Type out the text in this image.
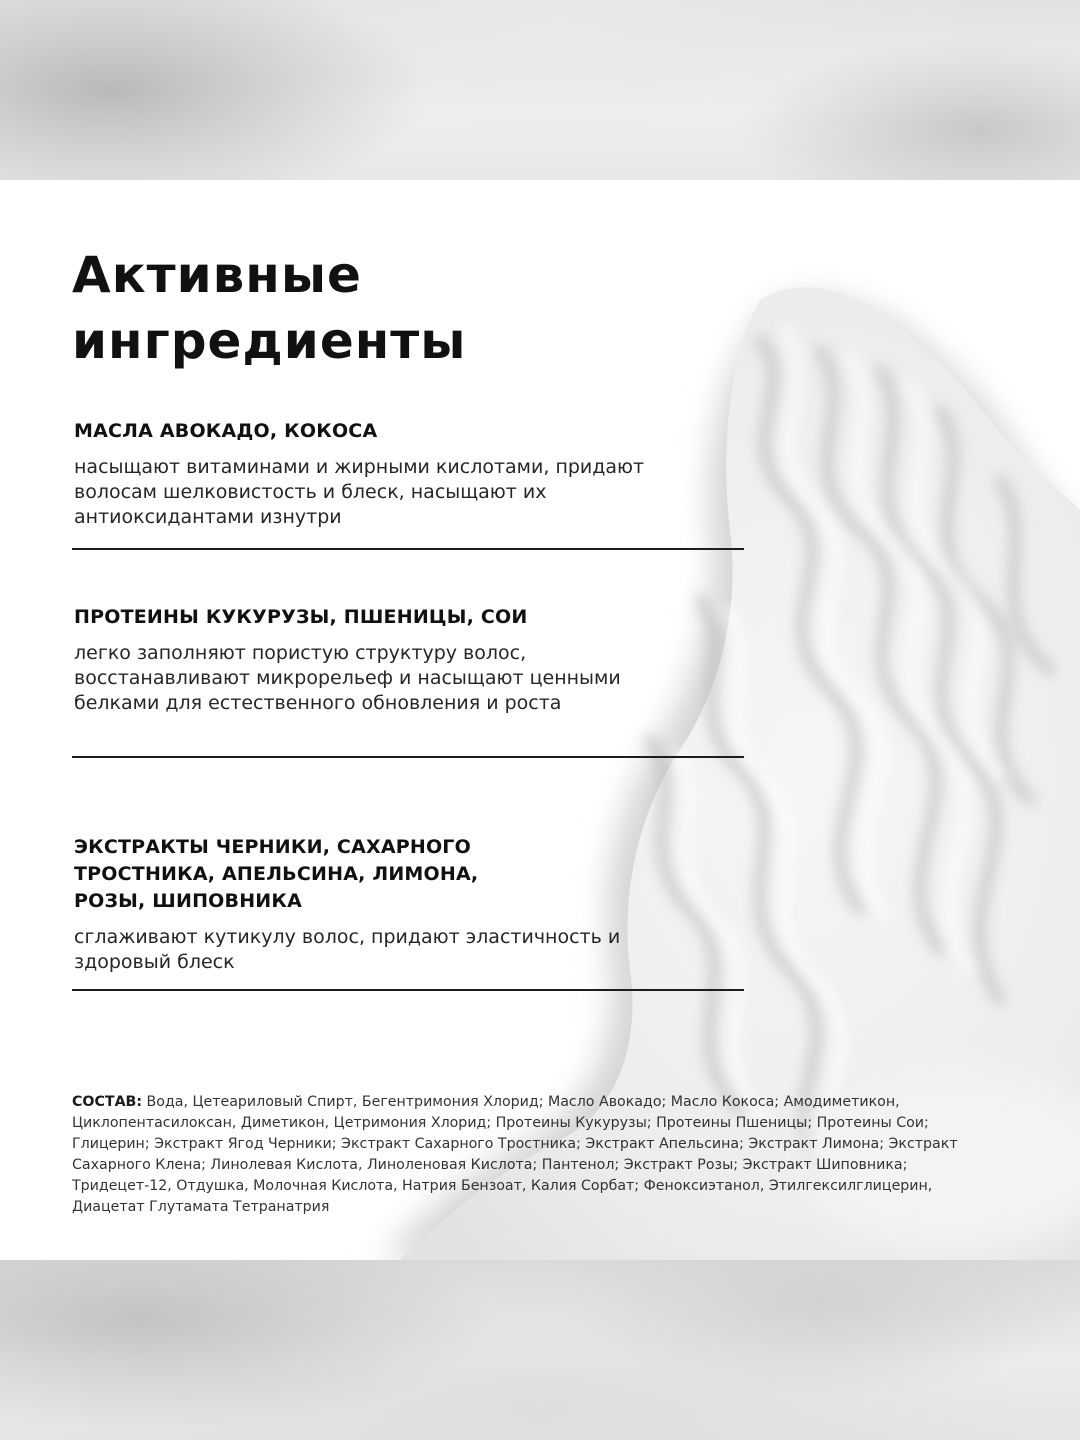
Активные
ингредиенты
МАСЛА АВОКАДО, КОКОСА

насыщают витаминами и жирными кислотами, придают волосам шелковистость и блеск, насыщают их антиоксидантами изнутри

ПРОТЕИНЫ КУКУРУЗЫ, ПШЕНИЦЫ, СОИ

легко заполняют пористую структуру волос, восстанавливают микрорельеф и насыщают ценными белками для естественного обновления и роста

ЭКСТРАКТЫ ЧЕРНИКИ, САХАРНОГО
ТРОСТНИКА, АПЕЛЬСИНА, ЛИМОНА,
РОЗЫ, ШИПОВНИКА

сглаживают кутикулу волос, придают эластичность и здоровый блеск

СОСТАВ: Вода, Цетеариловый Спирт, Бегентримония Хлорид; Масло Авокадо; Масло Кокоса; Амодиметикон, Циклопентасилоксан, Диметикон, Цетримония Хлорид; Протеины Кукурузы; Протеины Пшеницы; Протеины Сои; Глицерин; Экстракт Ягод Черники; Экстракт Сахарного Тростника; Экстракт Апельсина; Экстракт Лимона; Экстракт Сахарного Клена; Линолевая Кислота, Линоленовая Кислота; Пантенол; Экстракт Розы; Экстракт Шиповника; Тридецет-12, Отдушка, Молочная Кислота, Натрия Бензоат, Калия Сорбат; Феноксиэтанол, Этилгексилглицерин, Диацетат Глутамата Тетранатрия
